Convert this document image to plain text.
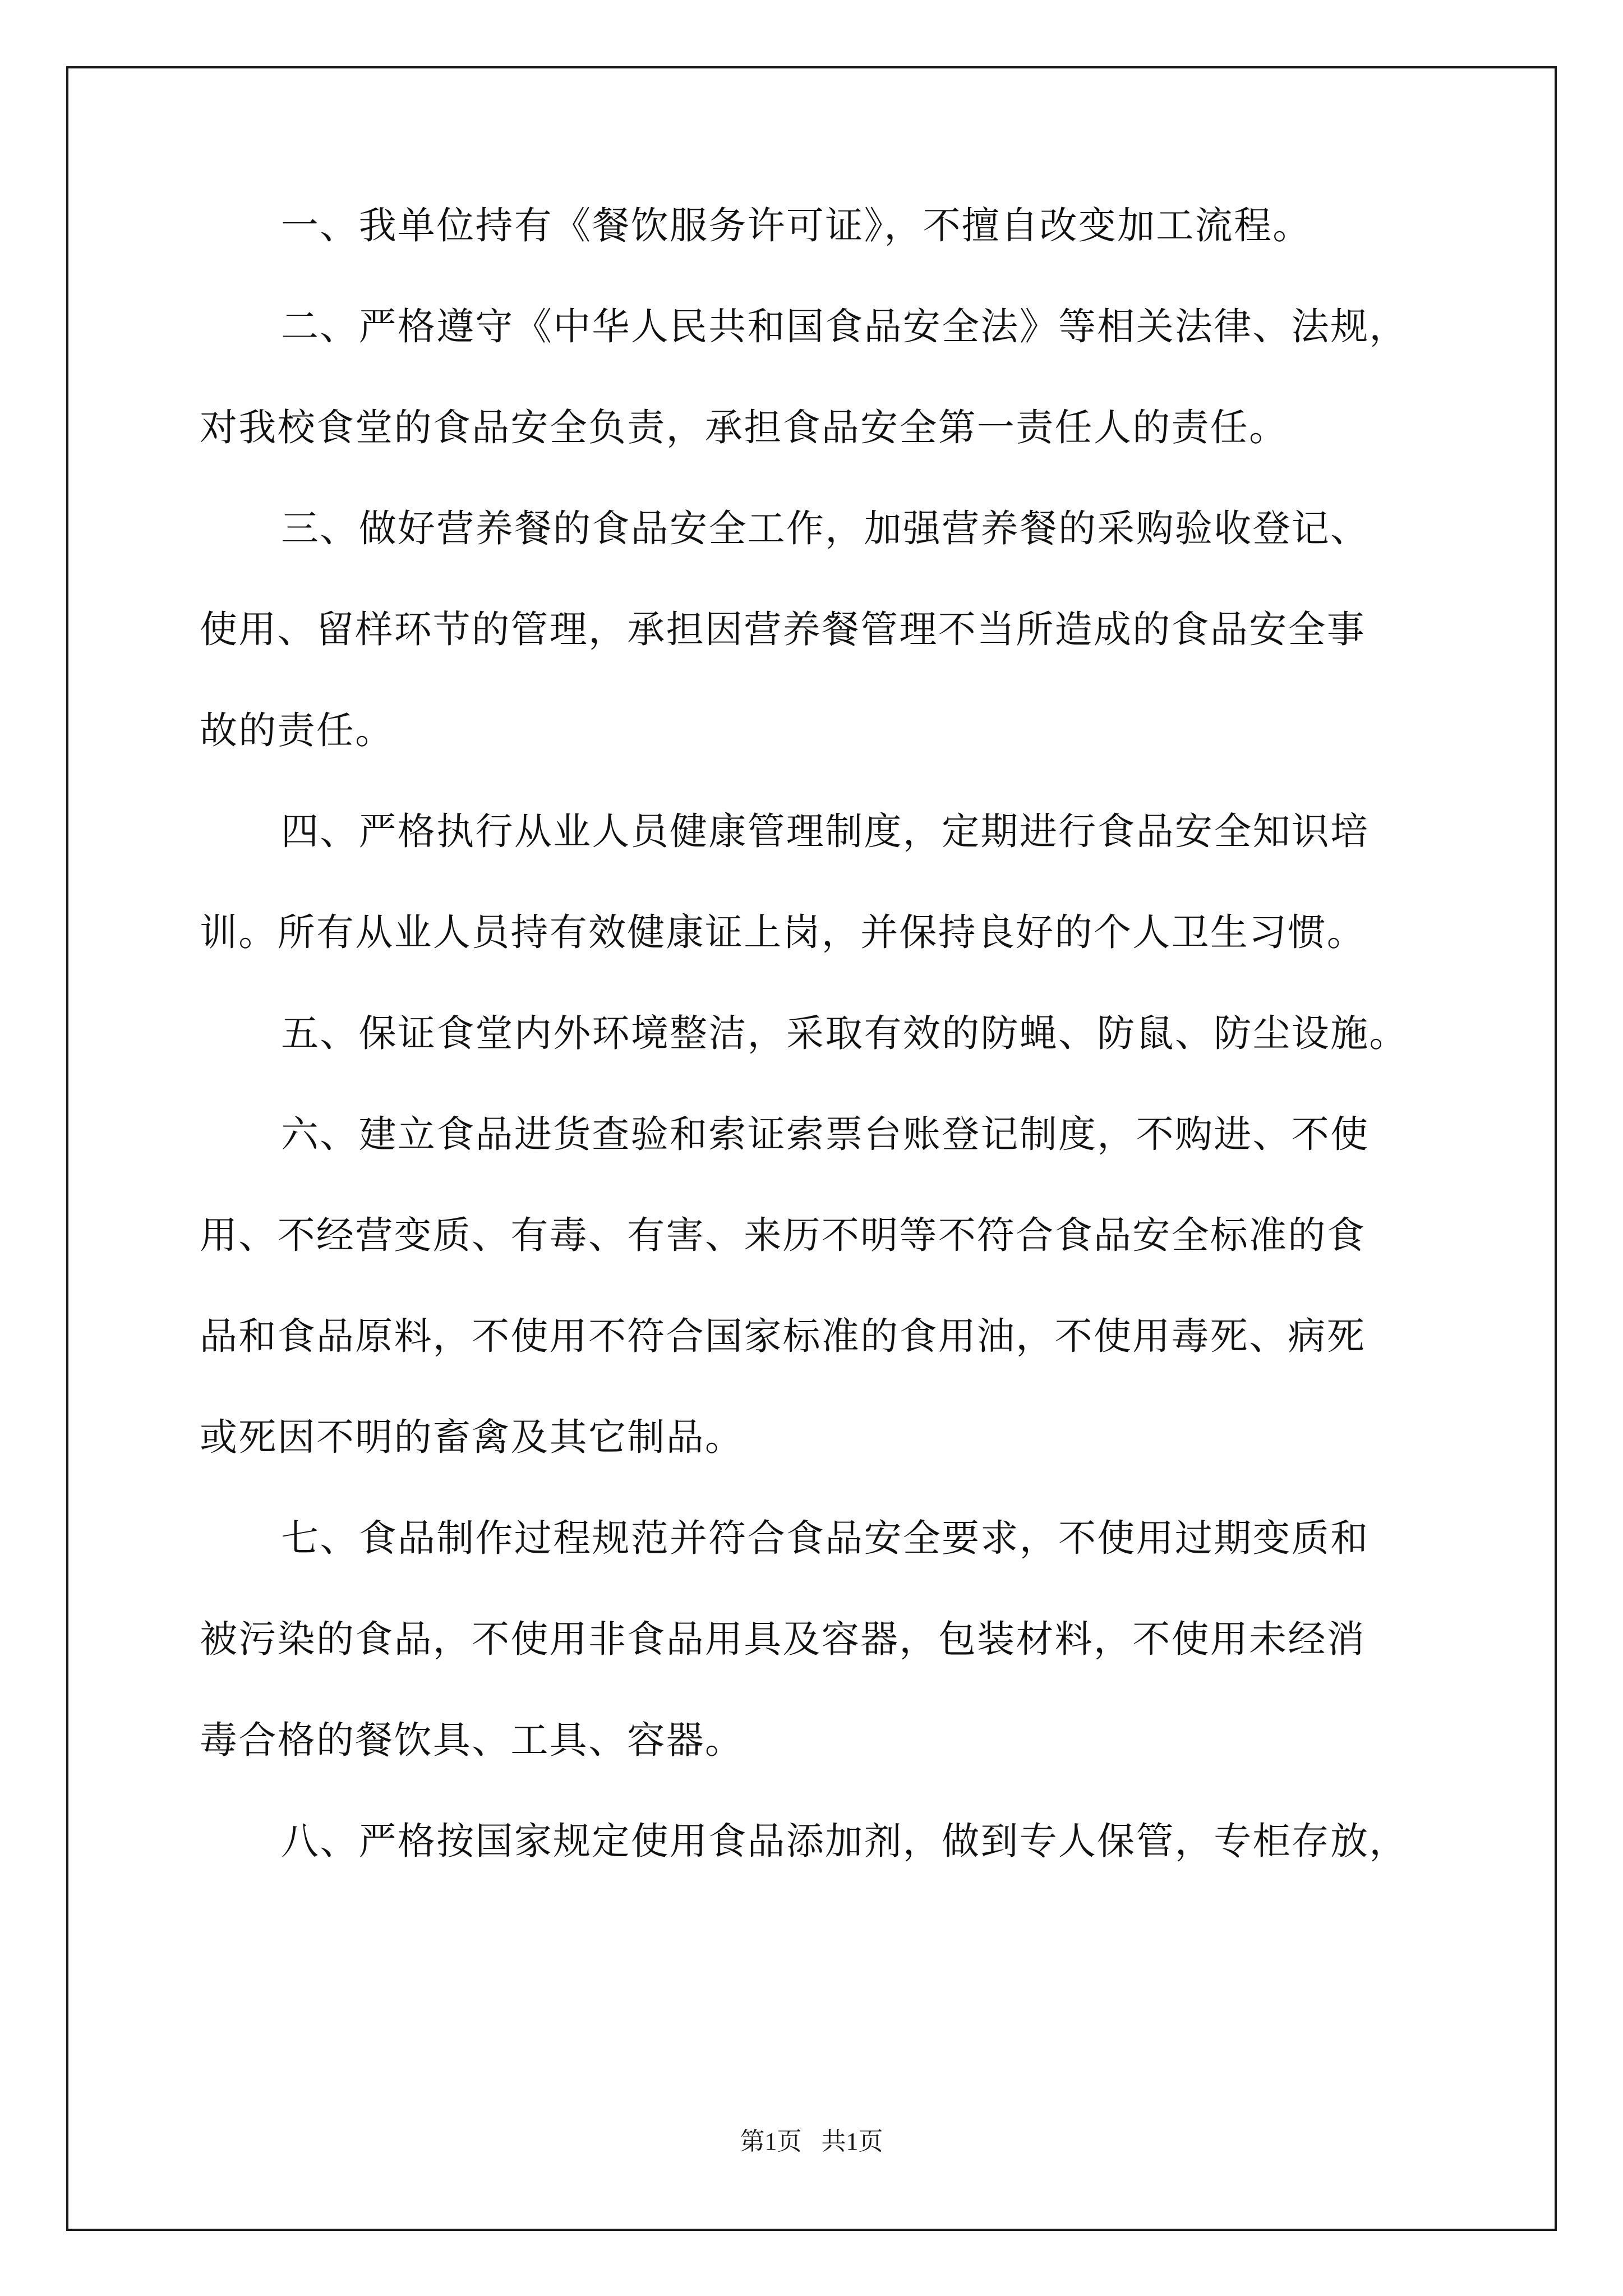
一、我单位持有《餐饮服务许可证》，不擅自改变加工流程。
二、严格遵守《中华人民共和国食品安全法》等相关法律、法规，
对我校食堂的食品安全负责，承担食品安全第一责任人的责任。
三、做好营养餐的食品安全工作，加强营养餐的采购验收登记、
使用、留样环节的管理，承担因营养餐管理不当所造成的食品安全事
故的责任。
四、严格执行从业人员健康管理制度，定期进行食品安全知识培
训。所有从业人员持有效健康证上岗，并保持良好的个人卫生习惯。
五、保证食堂内外环境整洁，采取有效的防蝇、防鼠、防尘设施。
六、建立食品进货查验和索证索票台账登记制度，不购进、不使
用、不经营变质、有毒、有害、来历不明等不符合食品安全标准的食
品和食品原料，不使用不符合国家标准的食用油，不使用毒死、病死
或死因不明的畜禽及其它制品。
七、食品制作过程规范并符合食品安全要求，不使用过期变质和
被污染的食品，不使用非食品用具及容器，包装材料，不使用未经消
毒合格的餐饮具、工具、容器。
八、严格按国家规定使用食品添加剂，做到专人保管，专柜存放，
第1页 共1页
